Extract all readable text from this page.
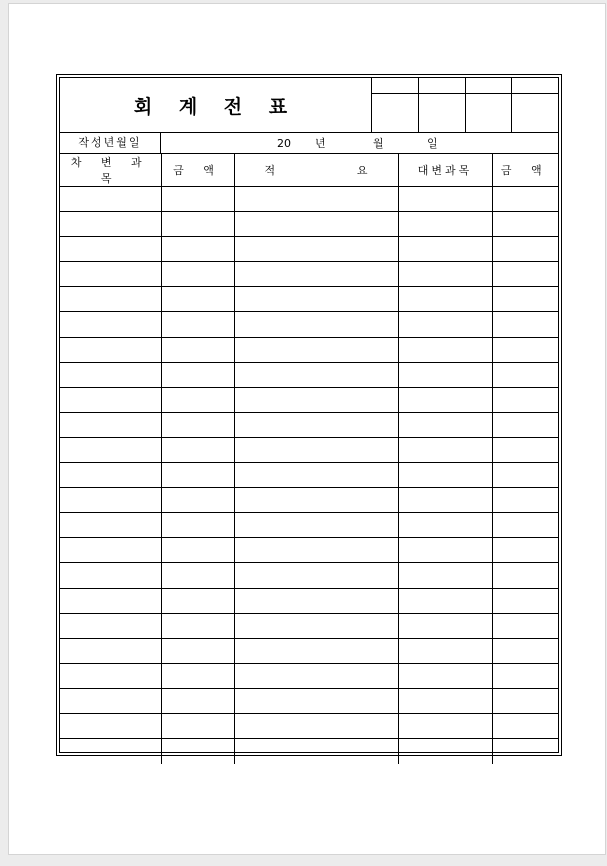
회 계 전 표
작성년월일	20	년	월	일
차 변 과 목	금 액	적 요	대변과목	금 액
